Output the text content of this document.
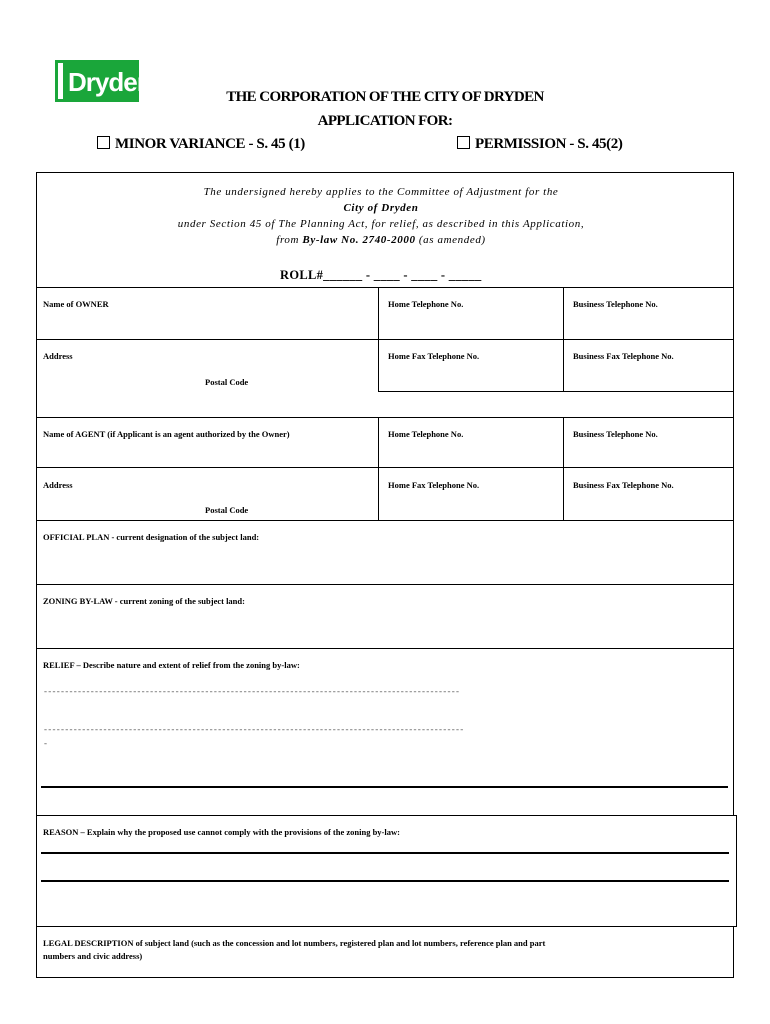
Dryden	THE CORPORATION OF THE CITY OF DRYDEN
APPLICATION FOR:
MINOR VARIANCE - S. 45 (1)	PERMISSION - S. 45(2)
The undersigned hereby applies to the Committee of Adjustment for the
City of Dryden
under Section 45 of The Planning Act, for relief, as described in this Application,
from By-law No. 2740-2000 (as amended)
ROLL#______ - ____ - ____ - _____
Name of OWNER	Home Telephone No.	Business Telephone No.
Address	Home Fax Telephone No.	Business Fax Telephone No.
Postal Code
Name of AGENT (if Applicant is an agent authorized by the Owner)	Home Telephone No.	Business Telephone No.
Address	Home Fax Telephone No.	Business Fax Telephone No.
Postal Code
OFFICIAL PLAN - current designation of the subject land:
ZONING BY-LAW - current zoning of the subject land:
RELIEF – Describe nature and extent of relief from the zoning by-law:
‐ ‐ ‐ ‐ ‐ ‐ ‐ ‐ ‐ ‐ ‐ ‐ ‐ ‐ ‐ ‐ ‐ ‐ ‐ ‐ ‐ ‐ ‐ ‐ ‐ ‐ ‐ ‐ ‐ ‐ ‐ ‐ ‐ ‐ ‐ ‐ ‐ ‐ ‐ ‐ ‐ ‐ ‐ ‐ ‐ ‐ ‐ ‐ ‐ ‐ ‐ ‐ ‐ ‐ ‐ ‐ ‐ ‐ ‐ ‐ ‐ ‐ ‐ ‐ ‐ ‐ ‐ ‐ ‐ ‐ ‐ ‐ ‐ ‐ ‐ ‐ ‐ ‐ ‐ ‐ ‐ ‐ ‐ ‐ ‐ ‐ ‐ ‐ ‐ ‐ ‐ ‐ ‐ ‐ ‐ ‐ ‐ ‐
‐ ‐ ‐ ‐ ‐ ‐ ‐ ‐ ‐ ‐ ‐ ‐ ‐ ‐ ‐ ‐ ‐ ‐ ‐ ‐ ‐ ‐ ‐ ‐ ‐ ‐ ‐ ‐ ‐ ‐ ‐ ‐ ‐ ‐ ‐ ‐ ‐ ‐ ‐ ‐ ‐ ‐ ‐ ‐ ‐ ‐ ‐ ‐ ‐ ‐ ‐ ‐ ‐ ‐ ‐ ‐ ‐ ‐ ‐ ‐ ‐ ‐ ‐ ‐ ‐ ‐ ‐ ‐ ‐ ‐ ‐ ‐ ‐ ‐ ‐ ‐ ‐ ‐ ‐ ‐ ‐ ‐ ‐ ‐ ‐ ‐ ‐ ‐ ‐ ‐ ‐ ‐ ‐ ‐ ‐ ‐ ‐ ‐ ‐
‐
REASON – Explain why the proposed use cannot comply with the provisions of the zoning by-law:
LEGAL DESCRIPTION of subject land (such as the concession and lot numbers, registered plan and lot numbers, reference plan and part
numbers and civic address)
